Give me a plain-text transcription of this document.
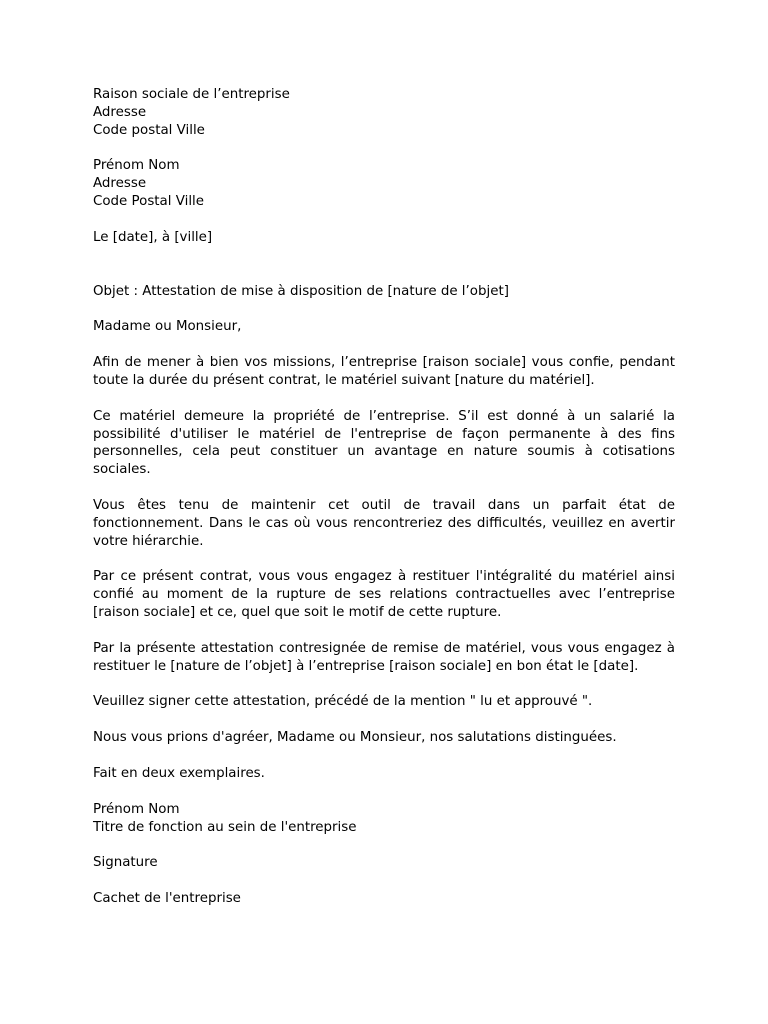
Raison sociale de l’entreprise
Adresse
Code postal Ville
Prénom Nom
Adresse
Code Postal Ville
Le [date], à [ville]
Objet : Attestation de mise à disposition de [nature de l’objet]
Madame ou Monsieur,

Afin de mener à bien vos missions, l’entreprise [raison sociale] vous confie, pendant toute la durée du présent contrat, le matériel suivant [nature du matériel].

Ce matériel demeure la propriété de l’entreprise. S’il est donné à un salarié la possibilité d'utiliser le matériel de l'entreprise de façon permanente à des fins personnelles, cela peut constituer un avantage en nature soumis à cotisations sociales.

Vous êtes tenu de maintenir cet outil de travail dans un parfait état de fonctionnement. Dans le cas où vous rencontreriez des difficultés, veuillez en avertir votre hiérarchie.

Par ce présent contrat, vous vous engagez à restituer l'intégralité du matériel ainsi confié au moment de la rupture de ses relations contractuelles avec l’entreprise [raison sociale] et ce, quel que soit le motif de cette rupture.

Par la présente attestation contresignée de remise de matériel, vous vous engagez à restituer le [nature de l’objet] à l’entreprise [raison sociale] en bon état le [date].

Veuillez signer cette attestation, précédé de la mention " lu et approuvé ".

Nous vous prions d'agréer, Madame ou Monsieur, nos salutations distinguées.

Fait en deux exemplaires.

Prénom Nom
Titre de fonction au sein de l'entreprise
Signature
Cachet de l'entreprise
